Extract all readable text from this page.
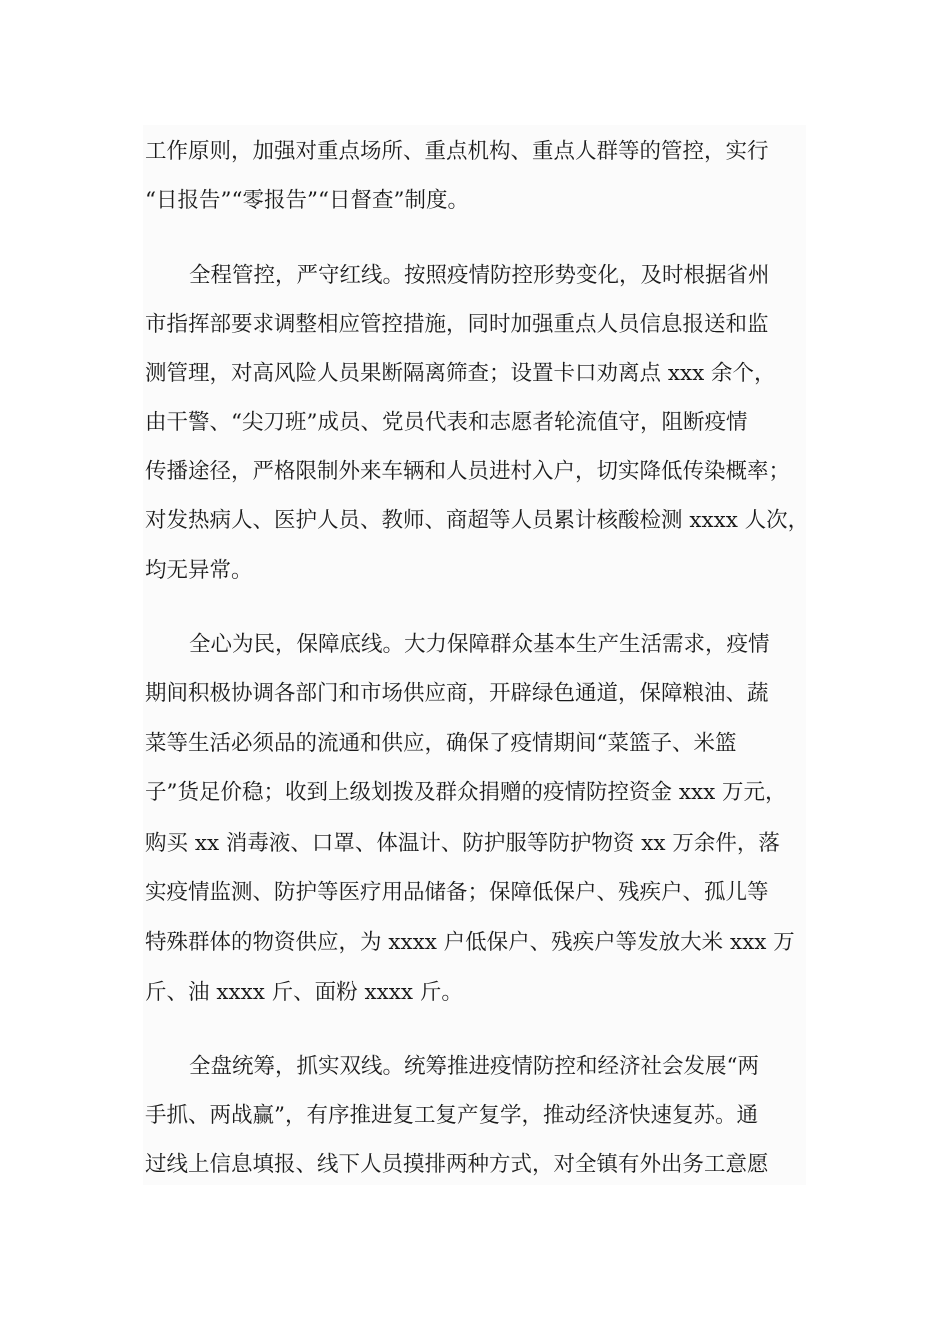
工作原则，加强对重点场所、重点机构、重点人群等的管控，实行

“日报告”“零报告”“日督查”制度。

全程管控，严守红线。按照疫情防控形势变化，及时根据省州

市指挥部要求调整相应管控措施，同时加强重点人员信息报送和监

测管理，对高风险人员果断隔离筛查；设置卡口劝离点 xxx 余个，

由干警、“尖刀班”成员、党员代表和志愿者轮流值守，阻断疫情

传播途径，严格限制外来车辆和人员进村入户，切实降低传染概率；

对发热病人、医护人员、教师、商超等人员累计核酸检测 xxxx 人次，

均无异常。

全心为民，保障底线。大力保障群众基本生产生活需求，疫情

期间积极协调各部门和市场供应商，开辟绿色通道，保障粮油、蔬

菜等生活必须品的流通和供应，确保了疫情期间“菜篮子、米篮

子”货足价稳；收到上级划拨及群众捐赠的疫情防控资金 xxx 万元，

购买 xx 消毒液、口罩、体温计、防护服等防护物资 xx 万余件，落

实疫情监测、防护等医疗用品储备；保障低保户、残疾户、孤儿等

特殊群体的物资供应，为 xxxx 户低保户、残疾户等发放大米 xxx 万

斤、油 xxxx 斤、面粉 xxxx 斤。

全盘统筹，抓实双线。统筹推进疫情防控和经济社会发展“两

手抓、两战赢”，有序推进复工复产复学，推动经济快速复苏。通

过线上信息填报、线下人员摸排两种方式，对全镇有外出务工意愿
